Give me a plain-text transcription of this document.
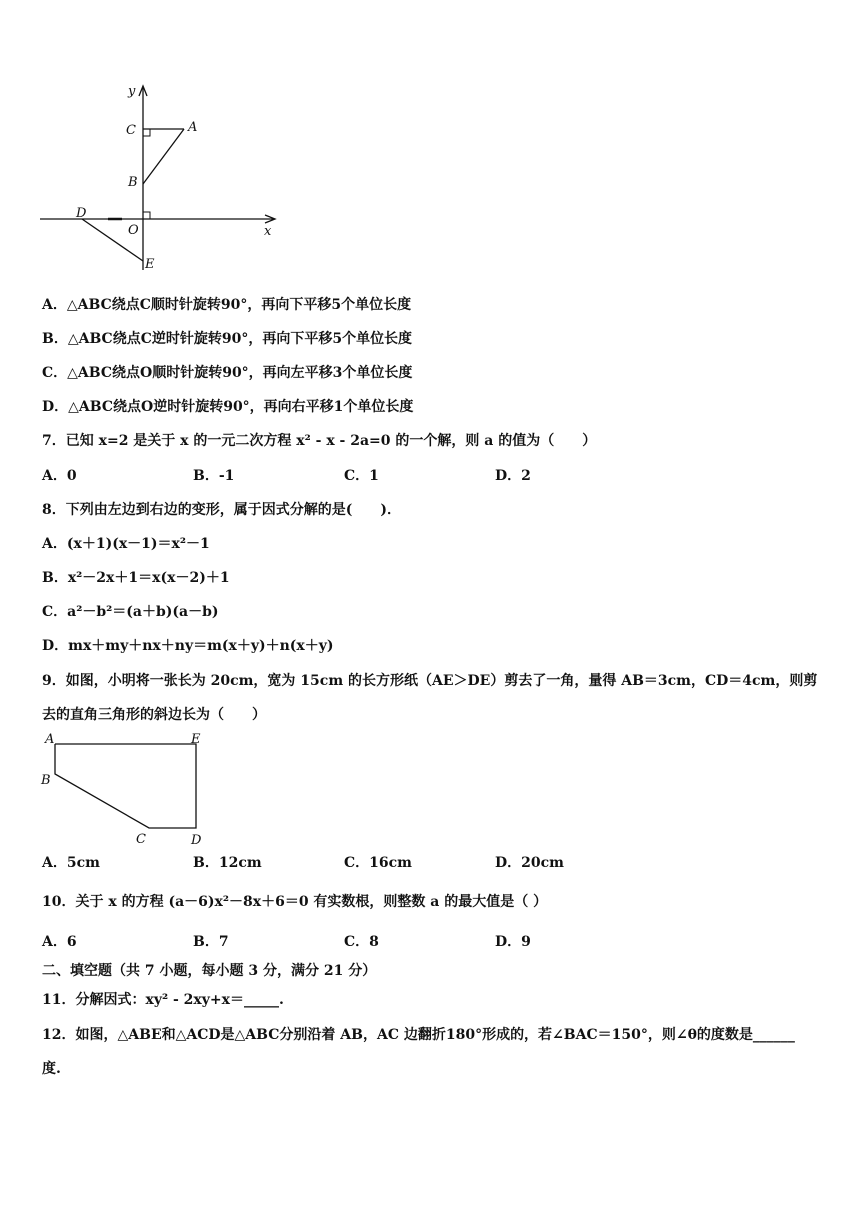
y
x
C	A
B
D
O
E
A．△ABC绕点C顺时针旋转90°，再向下平移5个单位长度
B．△ABC绕点C逆时针旋转90°，再向下平移5个单位长度
C．△ABC绕点O顺时针旋转90°，再向左平移3个单位长度
D．△ABC绕点O逆时针旋转90°，再向右平移1个单位长度
7．已知 x=2 是关于 x 的一元二次方程 x² - x - 2a=0 的一个解，则 a 的值为（　　）
A．0	B．-1	C．1	D．2
8．下列由左边到右边的变形，属于因式分解的是(　　)．
A．(x＋1)(x－1)＝x²－1
B．x²－2x＋1＝x(x－2)＋1
C．a²－b²＝(a＋b)(a－b)
D．mx＋my＋nx＋ny＝m(x＋y)＋n(x＋y)
9．如图，小明将一张长为 20cm，宽为 15cm 的长方形纸（AE＞DE）剪去了一角，量得 AB＝3cm，CD＝4cm，则剪
去的直角三角形的斜边长为（　　）
A	E
B
C	D
A．5cm	B．12cm	C．16cm	D．20cm
10．关于 x 的方程 (a－6)x²－8x＋6＝0 有实数根，则整数 a 的最大值是（ ）
A．6	B．7	C．8	D．9
二、填空题（共 7 小题，每小题 3 分，满分 21 分）
11．分解因式：xy² - 2xy+x＝_____.
12．如图，△ABE和△ACD是△ABC分别沿着 AB，AC 边翻折180°形成的，若∠BAC＝150°，则∠θ的度数是______
度.
